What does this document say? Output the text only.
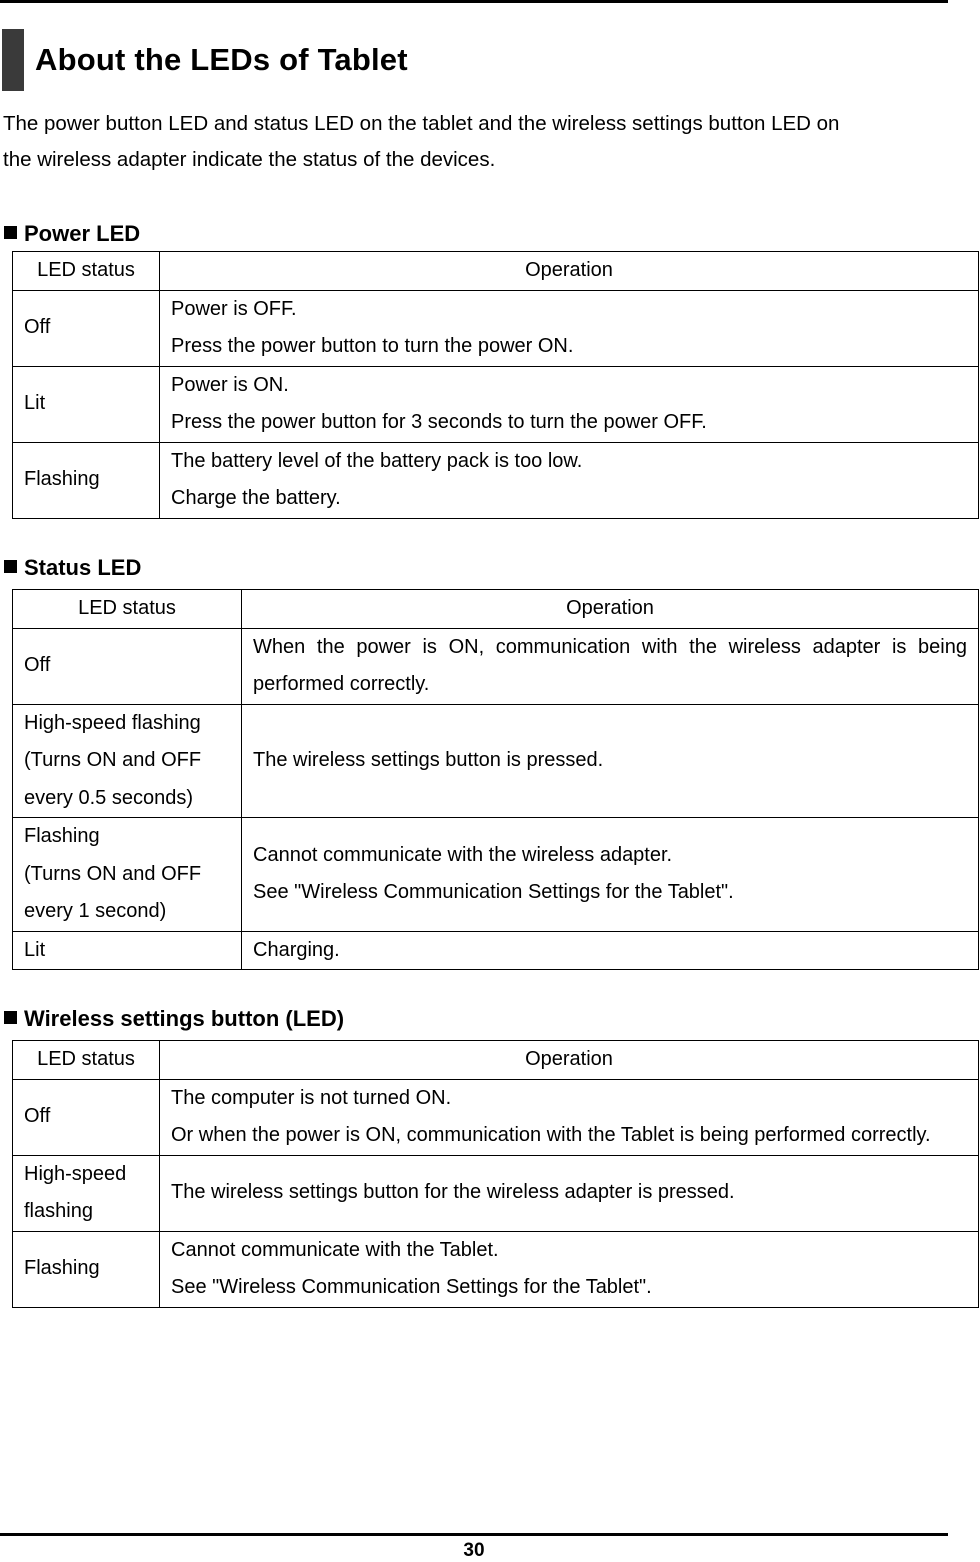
About the LEDs of Tablet

The power button LED and status LED on the tablet and the wireless settings button LED on
the wireless adapter indicate the status of the devices.

Power LED
LED status	Operation

Off	Power is OFF.
Press the power button to turn the power ON.

Lit	Power is ON.
Press the power button for 3 seconds to turn the power OFF.

Flashing	The battery level of the battery pack is too low.
Charge the battery.
Status LED
LED status	Operation

Off	When the power is ON, communication with the wireless adapter is being performed correctly.

High-speed flashing
(Turns ON and OFF
every 0.5 seconds)	The wireless settings button is pressed.

Flashing
(Turns ON and OFF
every 1 second)	Cannot communicate with the wireless adapter.
See "Wireless Communication Settings for the Tablet".

Lit	Charging.
Wireless settings button (LED)
LED status	Operation

Off	The computer is not turned ON.
Or when the power is ON, communication with the Tablet is being performed correctly.

High-speed
flashing	The wireless settings button for the wireless adapter is pressed.

Flashing	Cannot communicate with the Tablet.
See "Wireless Communication Settings for the Tablet".
30
